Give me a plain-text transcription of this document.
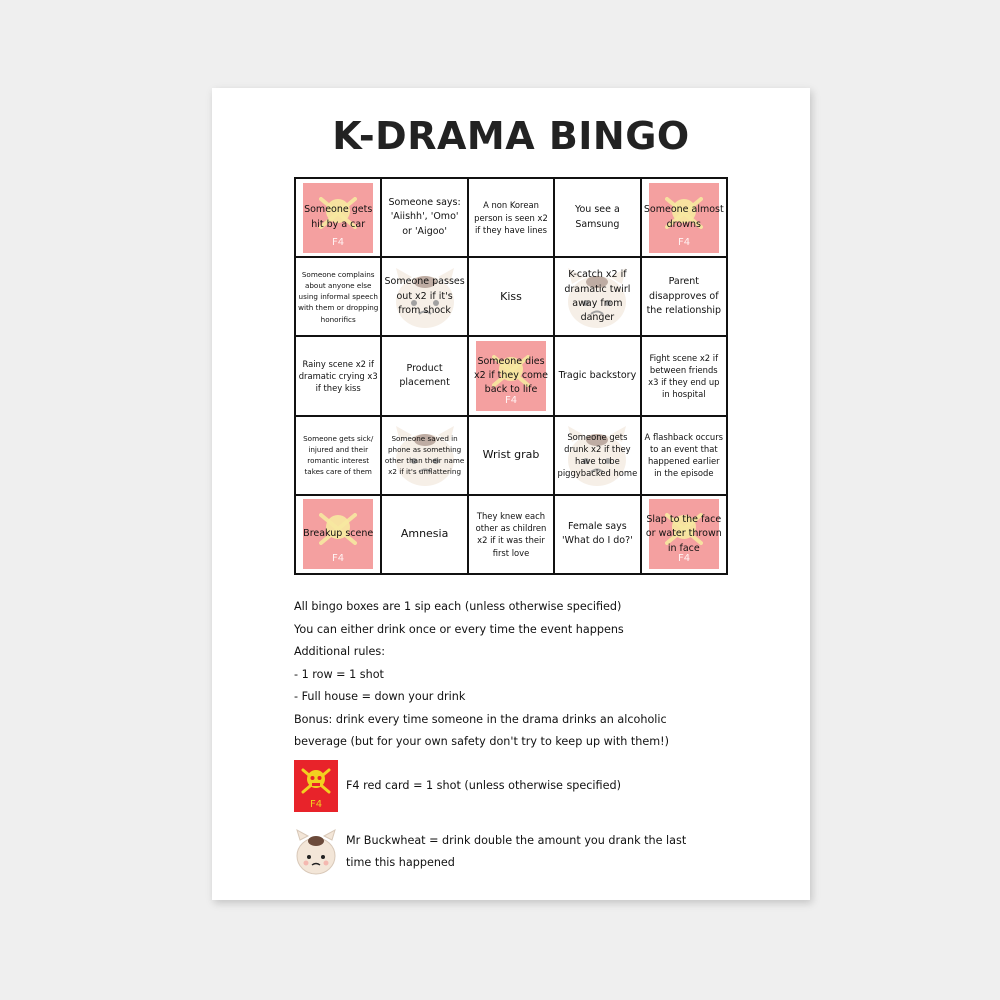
K-DRAMA BINGO
F4
Someone gets hit by a car
Someone says: 'Aiishh', 'Omo' or 'Aigoo'
A non Korean person is seen x2 if they have lines
You see a Samsung
F4
Someone almost drowns
Someone complains about anyone else using informal speech with them or dropping honorifics
Someone passes out x2 if it's from shock
Kiss
K-catch x2 if dramatic twirl away from danger
Parent disapproves of the relationship
Rainy scene x2 if dramatic crying x3 if they kiss
Product placement
F4
Someone dies x2 if they come back to life
Tragic backstory
Fight scene x2 if between friends x3 if they end up in hospital
Someone gets sick/ injured and their romantic interest takes care of them
Someone saved in phone as something other than their name x2 if it's unflattering
Wrist grab
Someone gets drunk x2 if they have to be piggybacked home
A flashback occurs to an event that happened earlier in the episode
F4
Breakup scene	Amnesia
They knew each other as children x2 if it was their first love
Female says 'What do I do?'
F4
Slap to the face or water thrown in face
All bingo boxes are 1 sip each (unless otherwise specified)
You can either drink once or every time the event happens
Additional rules:
- 1 row = 1 shot
- Full house = down your drink
Bonus: drink every time someone in the drama drinks an alcoholic
beverage (but for your own safety don't try to keep up with them!)
F4
F4 red card = 1 shot (unless otherwise specified)
Mr Buckwheat = drink double the amount you drank the last
time this happened
